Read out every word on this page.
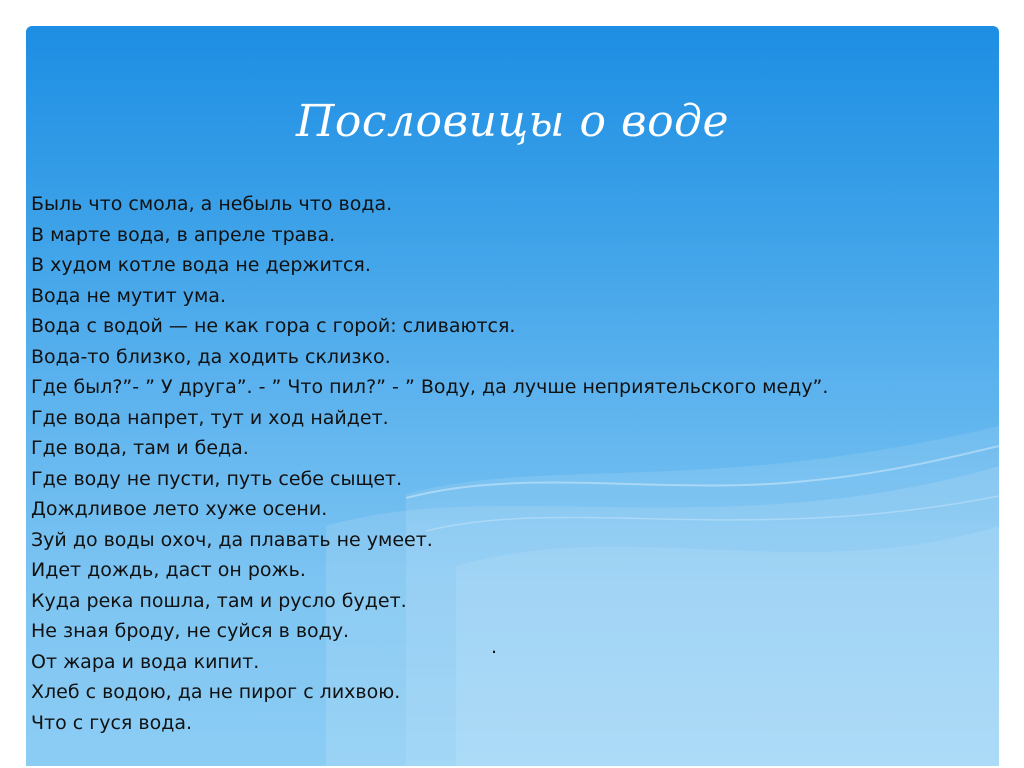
Пословицы о воде
Быль что смола, а небыль что вода.
В марте вода, в апреле трава.
В худом котле вода не держится.
Вода не мутит ума.
Вода с водой — не как гора с горой: сливаются.
Вода-то близко, да ходить склизко.
Где был?”- ” У друга”. - ” Что пил?” - ” Воду, да лучше неприятельского меду”.
Где вода напрет, тут и ход найдет.
Где вода, там и беда.
Где воду не пусти, путь себе сыщет.
Дождливое лето хуже осени.
Зуй до воды охоч, да плавать не умеет.
Идет дождь, даст он рожь.
Куда река пошла, там и русло будет.
Не зная броду, не суйся в воду.
От жара и вода кипит.
Хлеб с водою, да не пирог с лихвою.
Что с гуся вода.
.
